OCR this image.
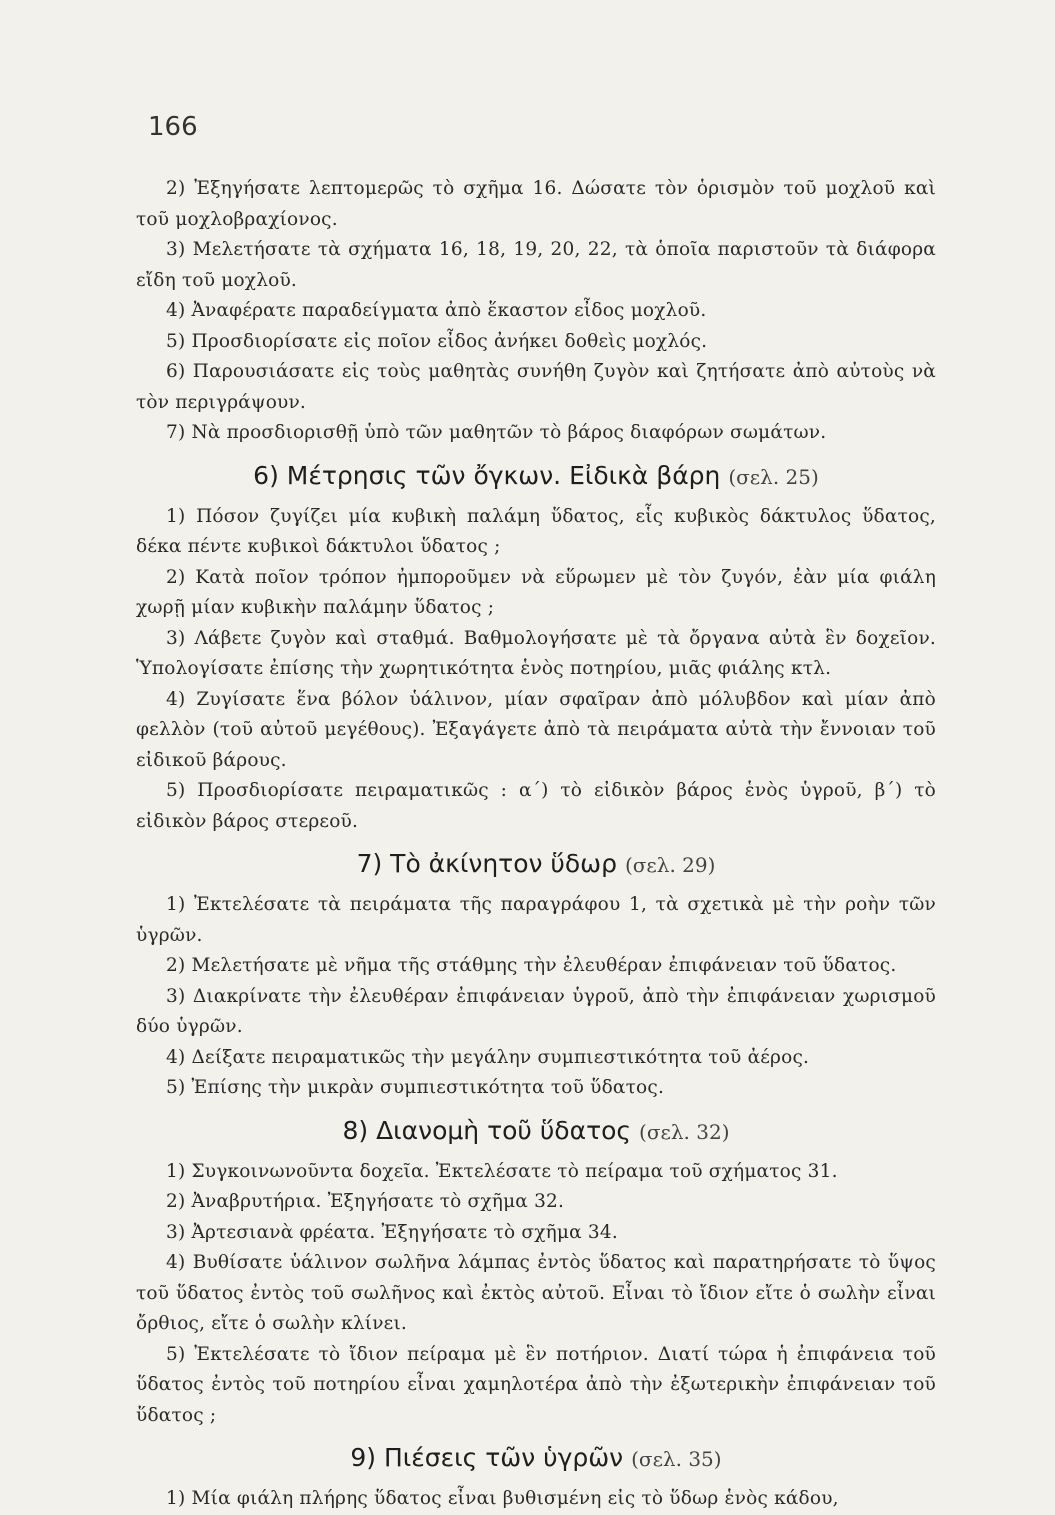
166

2) Ἐξηγήσατε λεπτομερῶς τὸ σχῆμα 16. Δώσατε τὸν ὁρισμὸν τοῦ μοχλοῦ καὶ τοῦ μοχλοβραχίονος.

3) Μελετήσατε τὰ σχήματα 16, 18, 19, 20, 22, τὰ ὁποῖα παριστοῦν τὰ διάφορα εἴδη τοῦ μοχλοῦ.

4) Ἀναφέρατε παραδείγματα ἀπὸ ἕκαστον εἶδος μοχλοῦ.

5) Προσδιορίσατε εἰς ποῖον εἶδος ἀνήκει δοθεὶς μοχλός.

6) Παρουσιάσατε εἰς τοὺς μαθητὰς συνήθη ζυγὸν καὶ ζητήσατε ἀπὸ αὐτοὺς νὰ τὸν περιγράψουν.

7) Νὰ προσδιορισθῇ ὑπὸ τῶν μαθητῶν τὸ βάρος διαφόρων σωμάτων.

6) Μέτρησις τῶν ὄγκων. Εἰδικὰ βάρη (σελ. 25)

1) Πόσον ζυγίζει μία κυβικὴ παλάμη ὕδατος, εἷς κυβικὸς δάκτυλος ὕδατος, δέκα πέντε κυβικοὶ δάκτυλοι ὕδατος ;

2) Κατὰ ποῖον τρόπον ἠμποροῦμεν νὰ εὕρωμεν μὲ τὸν ζυγόν, ἐὰν μία φιάλη χωρῇ μίαν κυβικὴν παλάμην ὕδατος ;

3) Λάβετε ζυγὸν καὶ σταθμά. Βαθμολογήσατε μὲ τὰ ὄργανα αὐτὰ ἓν δοχεῖον. Ὑπολογίσατε ἐπίσης τὴν χωρητικότητα ἑνὸς ποτηρίου, μιᾶς φιάλης κτλ.

4) Ζυγίσατε ἕνα βόλον ὑάλινον, μίαν σφαῖραν ἀπὸ μόλυβδον καὶ μίαν ἀπὸ φελλὸν (τοῦ αὐτοῦ μεγέθους). Ἐξαγάγετε ἀπὸ τὰ πειράματα αὐτὰ τὴν ἔννοιαν τοῦ εἰδικοῦ βάρους.

5) Προσδιορίσατε πειραματικῶς : α΄) τὸ εἰδικὸν βάρος ἑνὸς ὑγροῦ, β΄) τὸ εἰδικὸν βάρος στερεοῦ.

7) Τὸ ἀκίνητον ὕδωρ (σελ. 29)

1) Ἐκτελέσατε τὰ πειράματα τῆς παραγράφου 1, τὰ σχετικὰ μὲ τὴν ροὴν τῶν ὑγρῶν.

2) Μελετήσατε μὲ νῆμα τῆς στάθμης τὴν ἐλευθέραν ἐπιφάνειαν τοῦ ὕδατος.

3) Διακρίνατε τὴν ἐλευθέραν ἐπιφάνειαν ὑγροῦ, ἀπὸ τὴν ἐπιφάνειαν χωρισμοῦ δύο ὑγρῶν.

4) Δείξατε πειραματικῶς τὴν μεγάλην συμπιεστικότητα τοῦ ἀέρος.

5) Ἐπίσης τὴν μικρὰν συμπιεστικότητα τοῦ ὕδατος.

8) Διανομὴ τοῦ ὕδατος (σελ. 32)

1) Συγκοινωνοῦντα δοχεῖα. Ἐκτελέσατε τὸ πείραμα τοῦ σχήματος 31.

2) Ἀναβρυτήρια. Ἐξηγήσατε τὸ σχῆμα 32.

3) Ἀρτεσιανὰ φρέατα. Ἐξηγήσατε τὸ σχῆμα 34.

4) Βυθίσατε ὑάλινον σωλῆνα λάμπας ἐντὸς ὕδατος καὶ παρατηρήσατε τὸ ὕψος τοῦ ὕδατος ἐντὸς τοῦ σωλῆνος καὶ ἐκτὸς αὐτοῦ. Εἶναι τὸ ἴδιον εἴτε ὁ σωλὴν εἶναι ὄρθιος, εἴτε ὁ σωλὴν κλίνει.

5) Ἐκτελέσατε τὸ ἴδιον πείραμα μὲ ἓν ποτήριον. Διατί τώρα ἡ ἐπιφάνεια τοῦ ὕδατος ἐντὸς τοῦ ποτηρίου εἶναι χαμηλοτέρα ἀπὸ τὴν ἐξωτερικὴν ἐπιφάνειαν τοῦ ὕδατος ;

9) Πιέσεις τῶν ὑγρῶν (σελ. 35)

1) Μία φιάλη πλήρης ὕδατος εἶναι βυθισμένη εἰς τὸ ὕδωρ ἑνὸς κάδου,
